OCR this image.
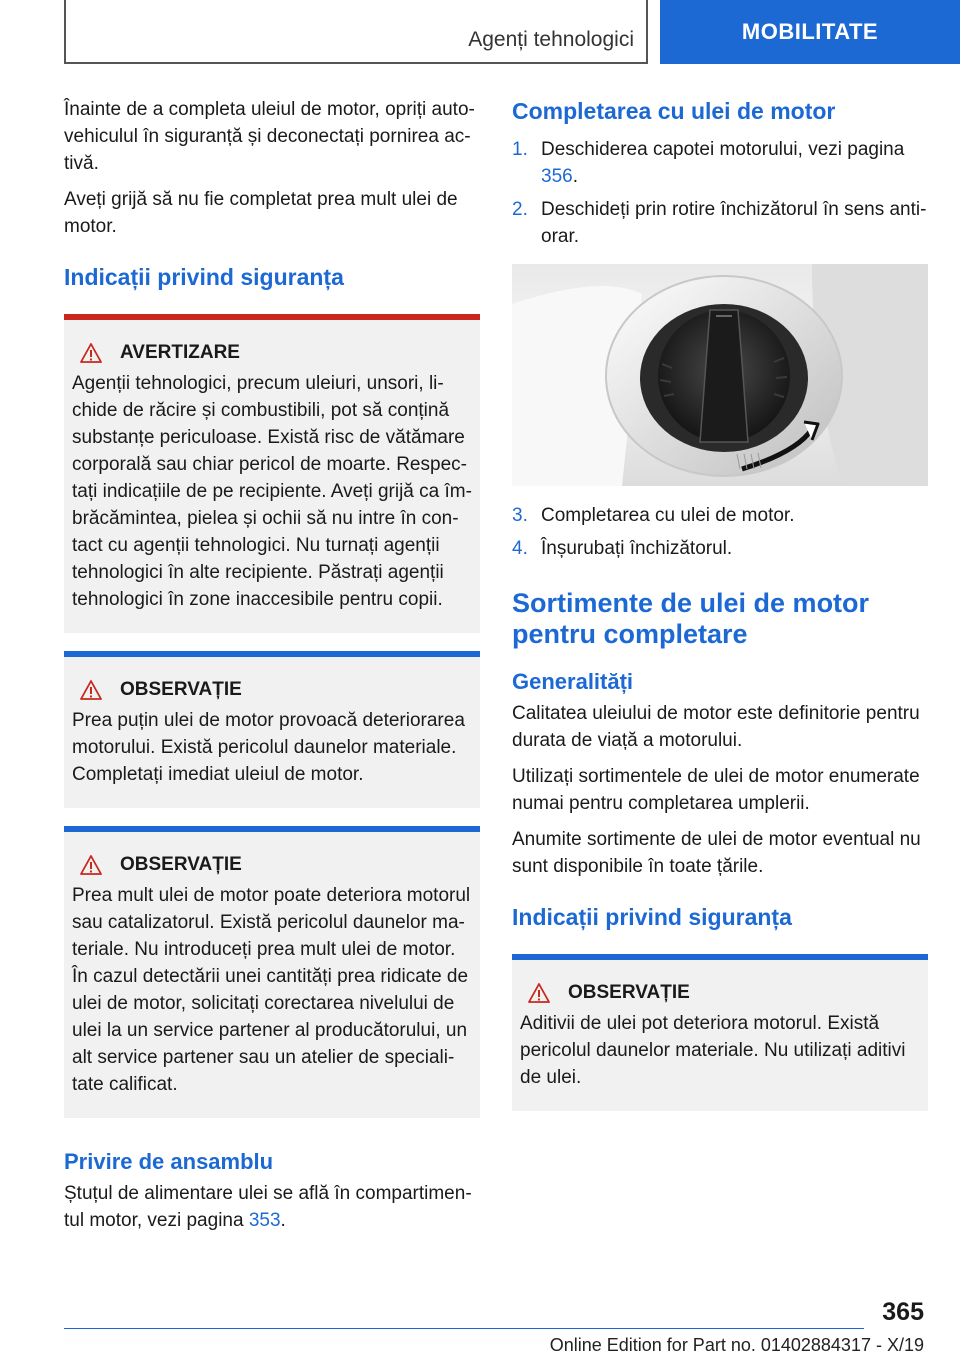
Agenți tehnologici	MOBILITATE

Înainte de a completa uleiul de motor, opriți autovehiculul în siguranță și deconectați pornirea activă.

Aveți grijă să nu fie completat prea mult ulei de motor.

Indicații privind siguranța
AVERTIZARE

Agenții tehnologici, precum uleiuri, unsori, lichide de răcire și combustibili, pot să conțină substanțe periculoase. Există risc de vătămare corporală sau chiar pericol de moarte. Respectați indicațiile de pe recipiente. Aveți grijă ca îmbrăcămintea, pielea și ochii să nu intre în contact cu agenții tehnologici. Nu turnați agenții tehnologici în alte recipiente. Păstrați agenții tehnologici în zone inaccesibile pentru copii.

OBSERVAȚIE

Prea puțin ulei de motor provoacă deteriorarea motorului. Există pericolul daunelor materiale. Completați imediat uleiul de motor.

OBSERVAȚIE

Prea mult ulei de motor poate deteriora motorul sau catalizatorul. Există pericolul daunelor materiale. Nu introduceți prea mult ulei de motor. În cazul detectării unei cantități prea ridicate de ulei de motor, solicitați corectarea nivelului de ulei la un service partener al producătorului, un alt service partener sau un atelier de specialitate calificat.

Privire de ansamblu

Ștuțul de alimentare ulei se află în compartimentul motor, vezi pagina 353.

Completarea cu ulei de motor
1. Deschiderea capotei motorului, vezi pagina 356.
2. Deschideți prin rotire închizătorul în sens antiorar.
3. Completarea cu ulei de motor.
4. Înșurubați închizătorul.
Sortimente de ulei de motor pentru completare
Generalități

Calitatea uleiului de motor este definitorie pentru durata de viață a motorului.

Utilizați sortimentele de ulei de motor enumerate numai pentru completarea umplerii.

Anumite sortimente de ulei de motor eventual nu sunt disponibile în toate țările.

Indicații privind siguranța
OBSERVAȚIE

Aditivii de ulei pot deteriora motorul. Există pericolul daunelor materiale. Nu utilizați aditivi de ulei.

365
Online Edition for Part no. 01402884317 - X/19
